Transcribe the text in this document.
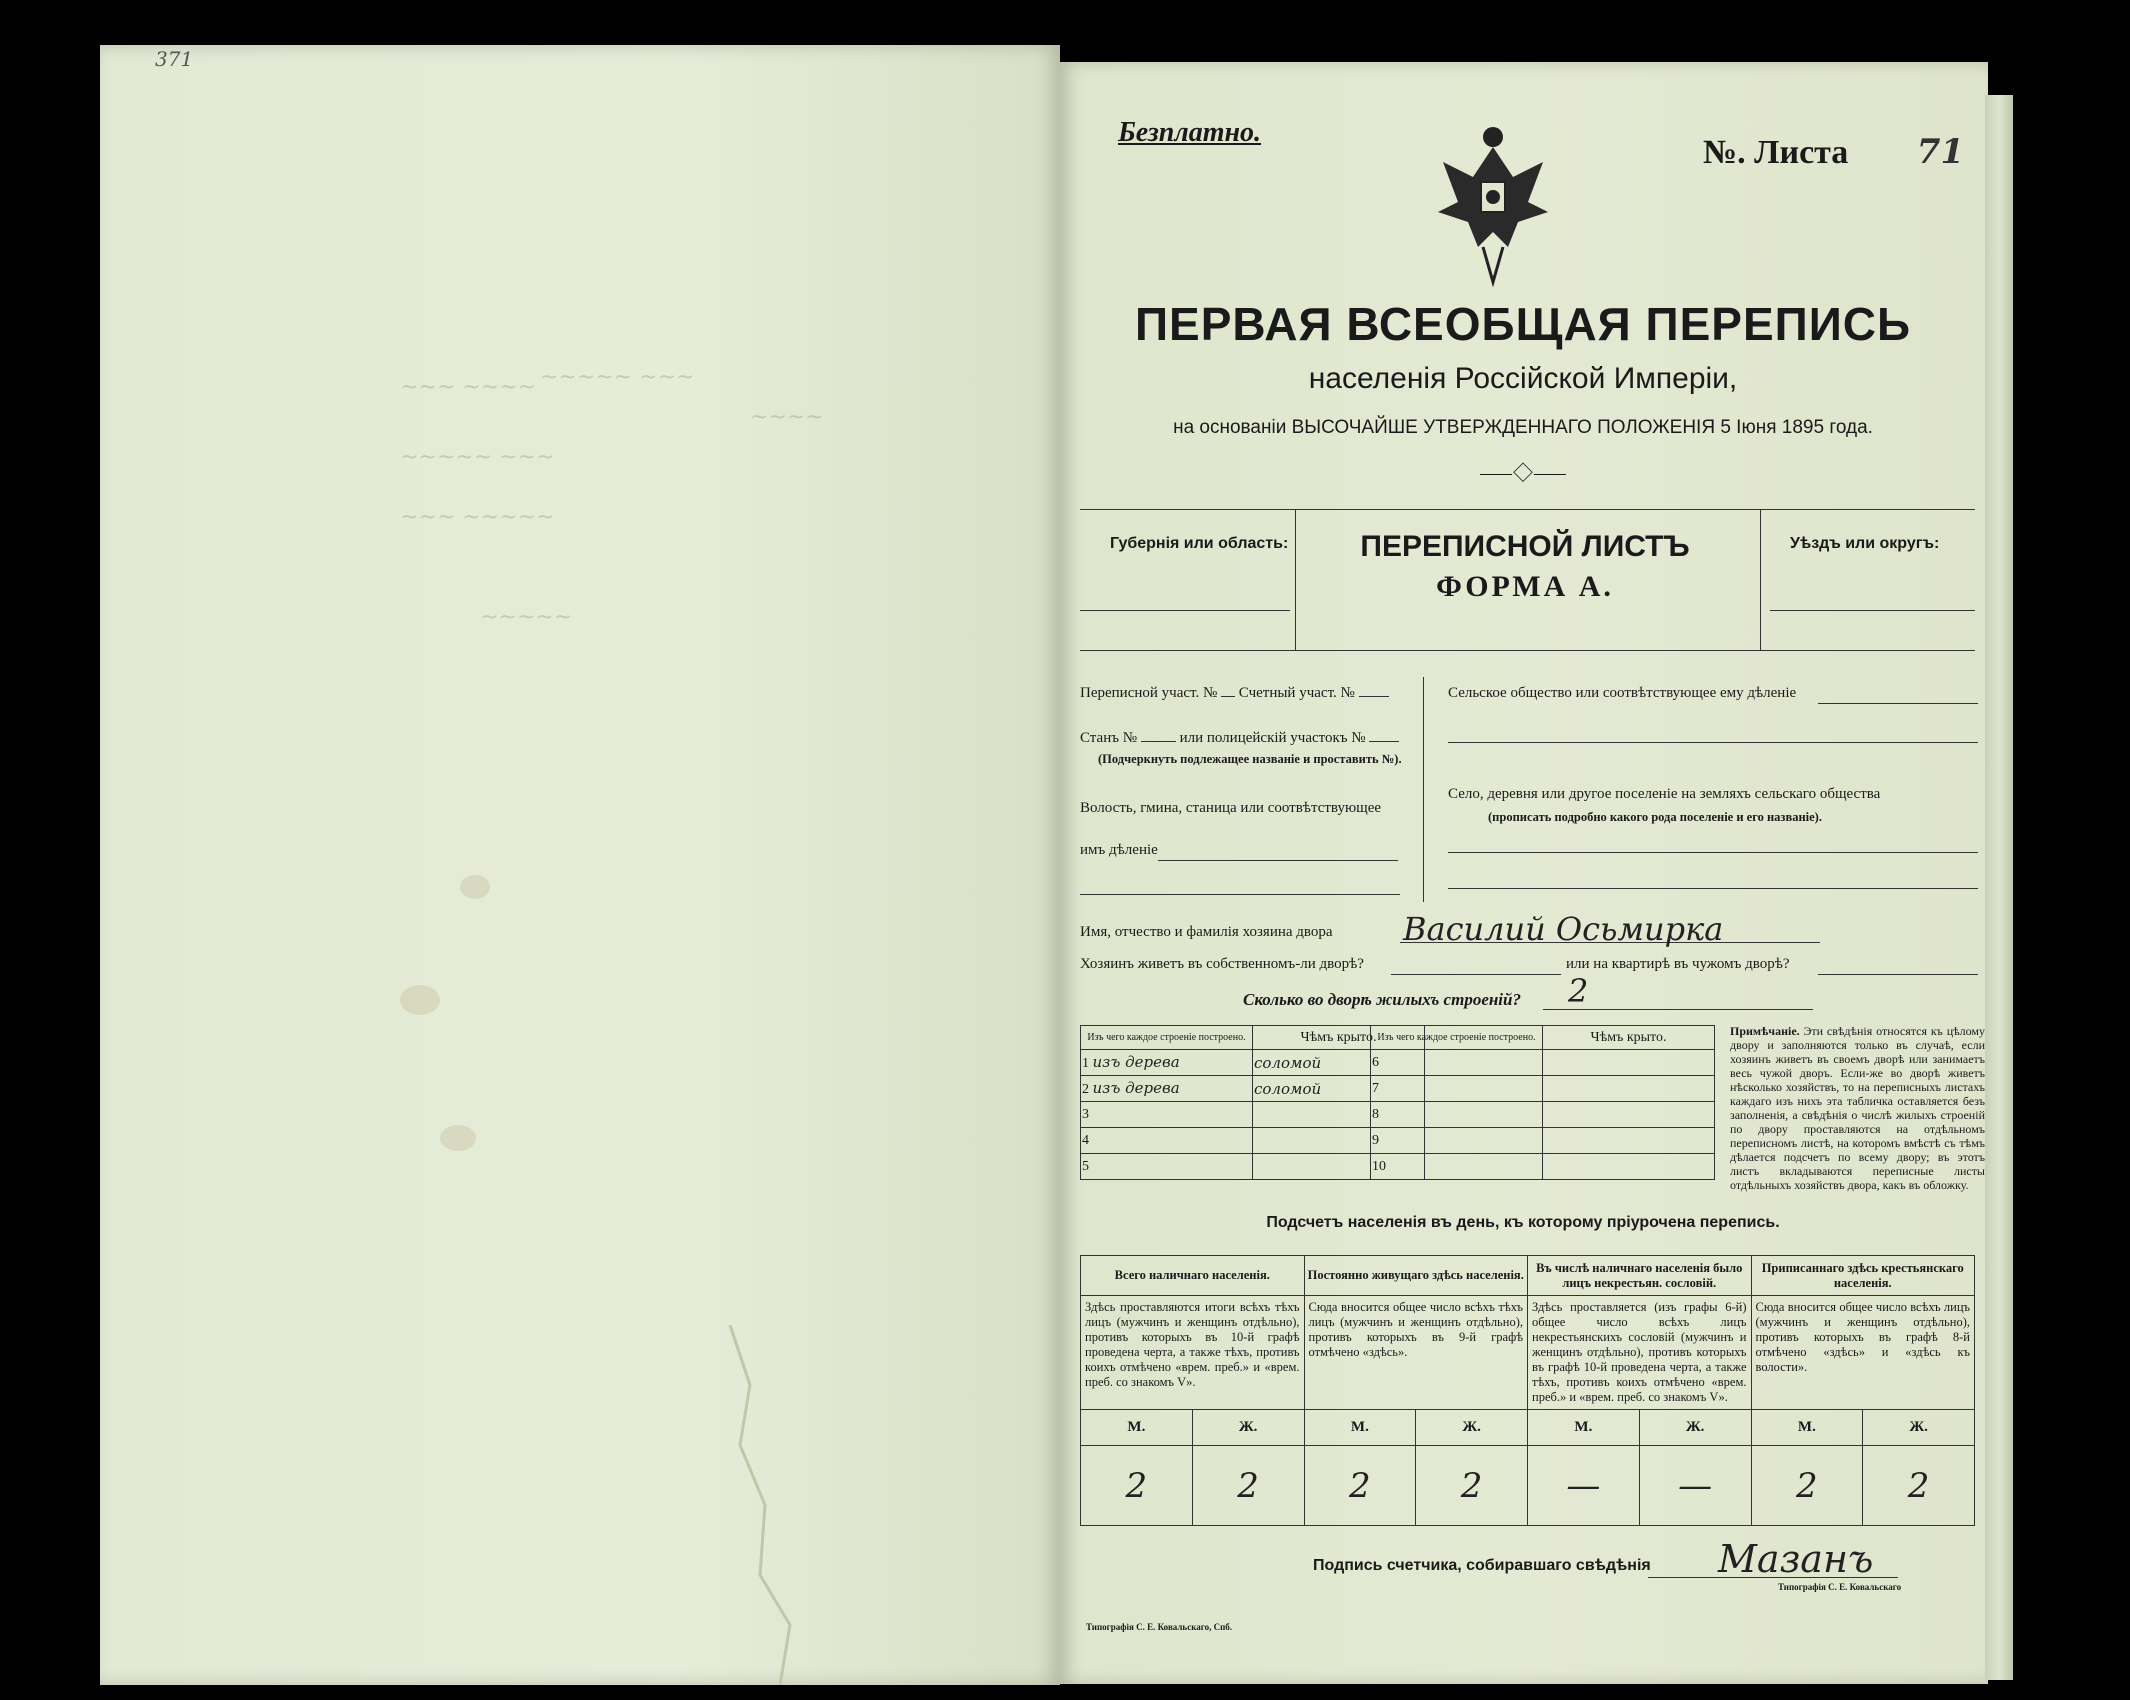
371
~~~ ~~~~ ~~~~~ ~~~
~~~~~ ~~~
~~~ ~~~~~
~~~~~
~~~~
Безплатно.
№. Листа 71
ПЕРВАЯ ВСЕОБЩАЯ ПЕРЕПИСЬ
населенія Россійской Имперіи,
на основаніи ВЫСОЧАЙШЕ УТВЕРЖДЕННАГО ПОЛОЖЕНІЯ 5 Іюня 1895 года.
⸺◇⸺
Губернія или область:	ПЕРЕПИСНОЙ ЛИСТЪ
ФОРМА А.
Уѣздъ или округъ:
Переписной участ. № Счетный участ. №
Станъ №	или полицейскій участокъ №
(Подчеркнуть подлежащее названіе и проставить №).
Волость, гмина, станица или соотвѣтствующее
имъ дѣленіе
Сельское общество или соотвѣтствующее ему дѣленіе
Село, деревня или другое поселеніе на земляхъ сельскаго общества
(прописать подробно какого рода поселеніе и его названіе).
Имя, отчество и фамилія хозяина двора Василий Осьмирка
Хозяинъ живетъ въ собственномъ-ли дворѣ?	или на квартирѣ въ чужомъ дворѣ?
Сколько во дворѣ жилыхъ строеній? 2
Изъ чего каждое строеніе построено.	Чѣмъ крыто.
1 изъ дерева	соломой
2 изъ дерева	соломой
3	
4	
5	
Изъ чего каждое строеніе построено.	Чѣмъ крыто.
6	
7	
8	
9	
10	
Примѣчаніе. Эти свѣдѣнія относятся къ цѣлому двору и заполняются только въ случаѣ, если хозяинъ живетъ въ своемъ дворѣ или занимаетъ весь чужой дворъ. Если-же во дворѣ живетъ нѣсколько хозяйствъ, то на переписныхъ листахъ каждаго изъ нихъ эта табличка оставляется безъ заполненія, а свѣдѣнія о числѣ жилыхъ строеній по двору проставляются на отдѣльномъ переписномъ листѣ, на которомъ вмѣстѣ съ тѣмъ дѣлается подсчетъ по всему двору; въ этотъ листъ вкладываются переписные листы отдѣльныхъ хозяйствъ двора, какъ въ обложку.
Подсчетъ населенія въ день, къ которому пріурочена перепись.
Всего наличнаго населенія.		Постоянно живущаго здѣсь населенія.		Въ числѣ наличнаго населенія было лицъ некрестьян. сословій.		Приписаннаго здѣсь крестьянскаго населенія.	
Здѣсь проставляются итоги всѣхъ тѣхъ лицъ (мужчинъ и женщинъ отдѣльно), противъ которыхъ въ 10-й графѣ проведена черта, а также тѣхъ, противъ коихъ отмѣчено «врем. преб.» и «врем. преб. со знакомъ V».		Сюда вносится общее число всѣхъ тѣхъ лицъ (мужчинъ и женщинъ отдѣльно), противъ которыхъ въ 9-й графѣ отмѣчено «здѣсь».		Здѣсь проставляется (изъ графы 6-й) общее число всѣхъ лицъ некрестьянскихъ сословій (мужчинъ и женщинъ отдѣльно), противъ которыхъ въ графѣ 10-й проведена черта, а также тѣхъ, противъ коихъ отмѣчено «врем. преб.» и «врем. преб. со знакомъ V».		Сюда вносится общее число всѣхъ лицъ (мужчинъ и женщинъ отдѣльно), противъ которыхъ въ графѣ 8-й отмѣчено «здѣсь» и «здѣсь къ волости».	
М.	Ж.	М.	Ж.	М.	Ж.	М.	Ж.
2	2	2	2	—	—	2	2
Подпись счетчика, собиравшаго свѣдѣнія Мазанъ
Типографія С. Е. Ковальскаго, Спб.
Типографія С. Е. Ковальскаго
